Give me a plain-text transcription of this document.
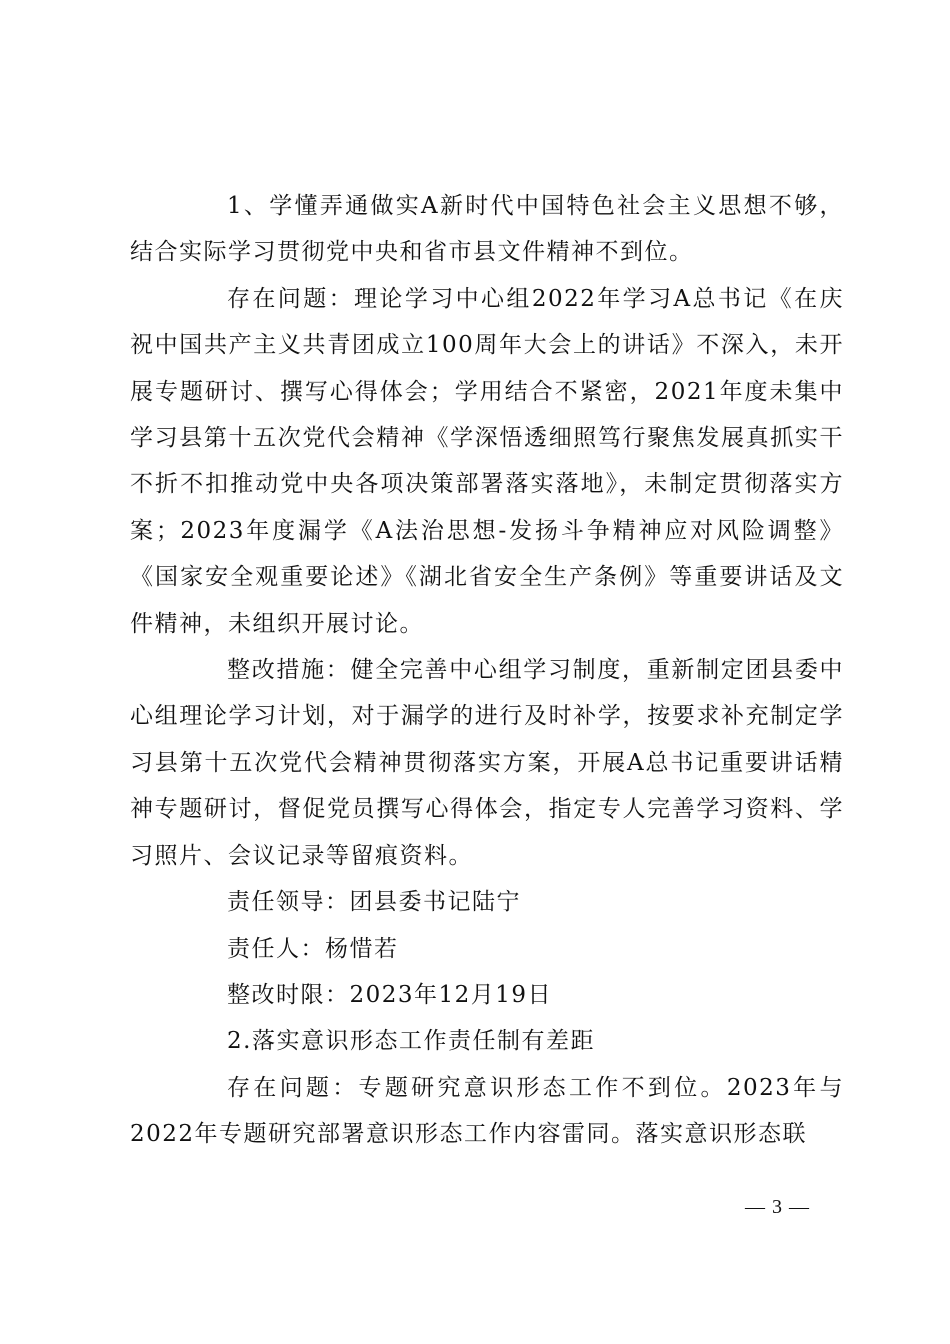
1、学懂弄通做实A新时代中国特色社会主义思想不够，结合实际学习贯彻党中央和省市县文件精神不到位。

存在问题：理论学习中心组2022年学习A总书记《在庆祝中国共产主义共青团成立100周年大会上的讲话》不深入，未开展专题研讨、撰写心得体会；学用结合不紧密，2021年度未集中学习县第十五次党代会精神《学深悟透细照笃行聚焦发展真抓实干不折不扣推动党中央各项决策部署落实落地》，未制定贯彻落实方案；2023年度漏学《A法治思想-发扬斗争精神应对风险调整》《国家安全观重要论述》《湖北省安全生产条例》等重要讲话及文件精神，未组织开展讨论。

整改措施：健全完善中心组学习制度，重新制定团县委中心组理论学习计划，对于漏学的进行及时补学，按要求补充制定学习县第十五次党代会精神贯彻落实方案，开展A总书记重要讲话精神专题研讨，督促党员撰写心得体会，指定专人完善学习资料、学习照片、会议记录等留痕资料。

责任领导：团县委书记陆宁

责任人：杨惜若

整改时限：2023年12月19日

2.落实意识形态工作责任制有差距

存在问题：专题研究意识形态工作不到位。2023年与2022年专题研究部署意识形态工作内容雷同。落实意识形态联

— 3 —
